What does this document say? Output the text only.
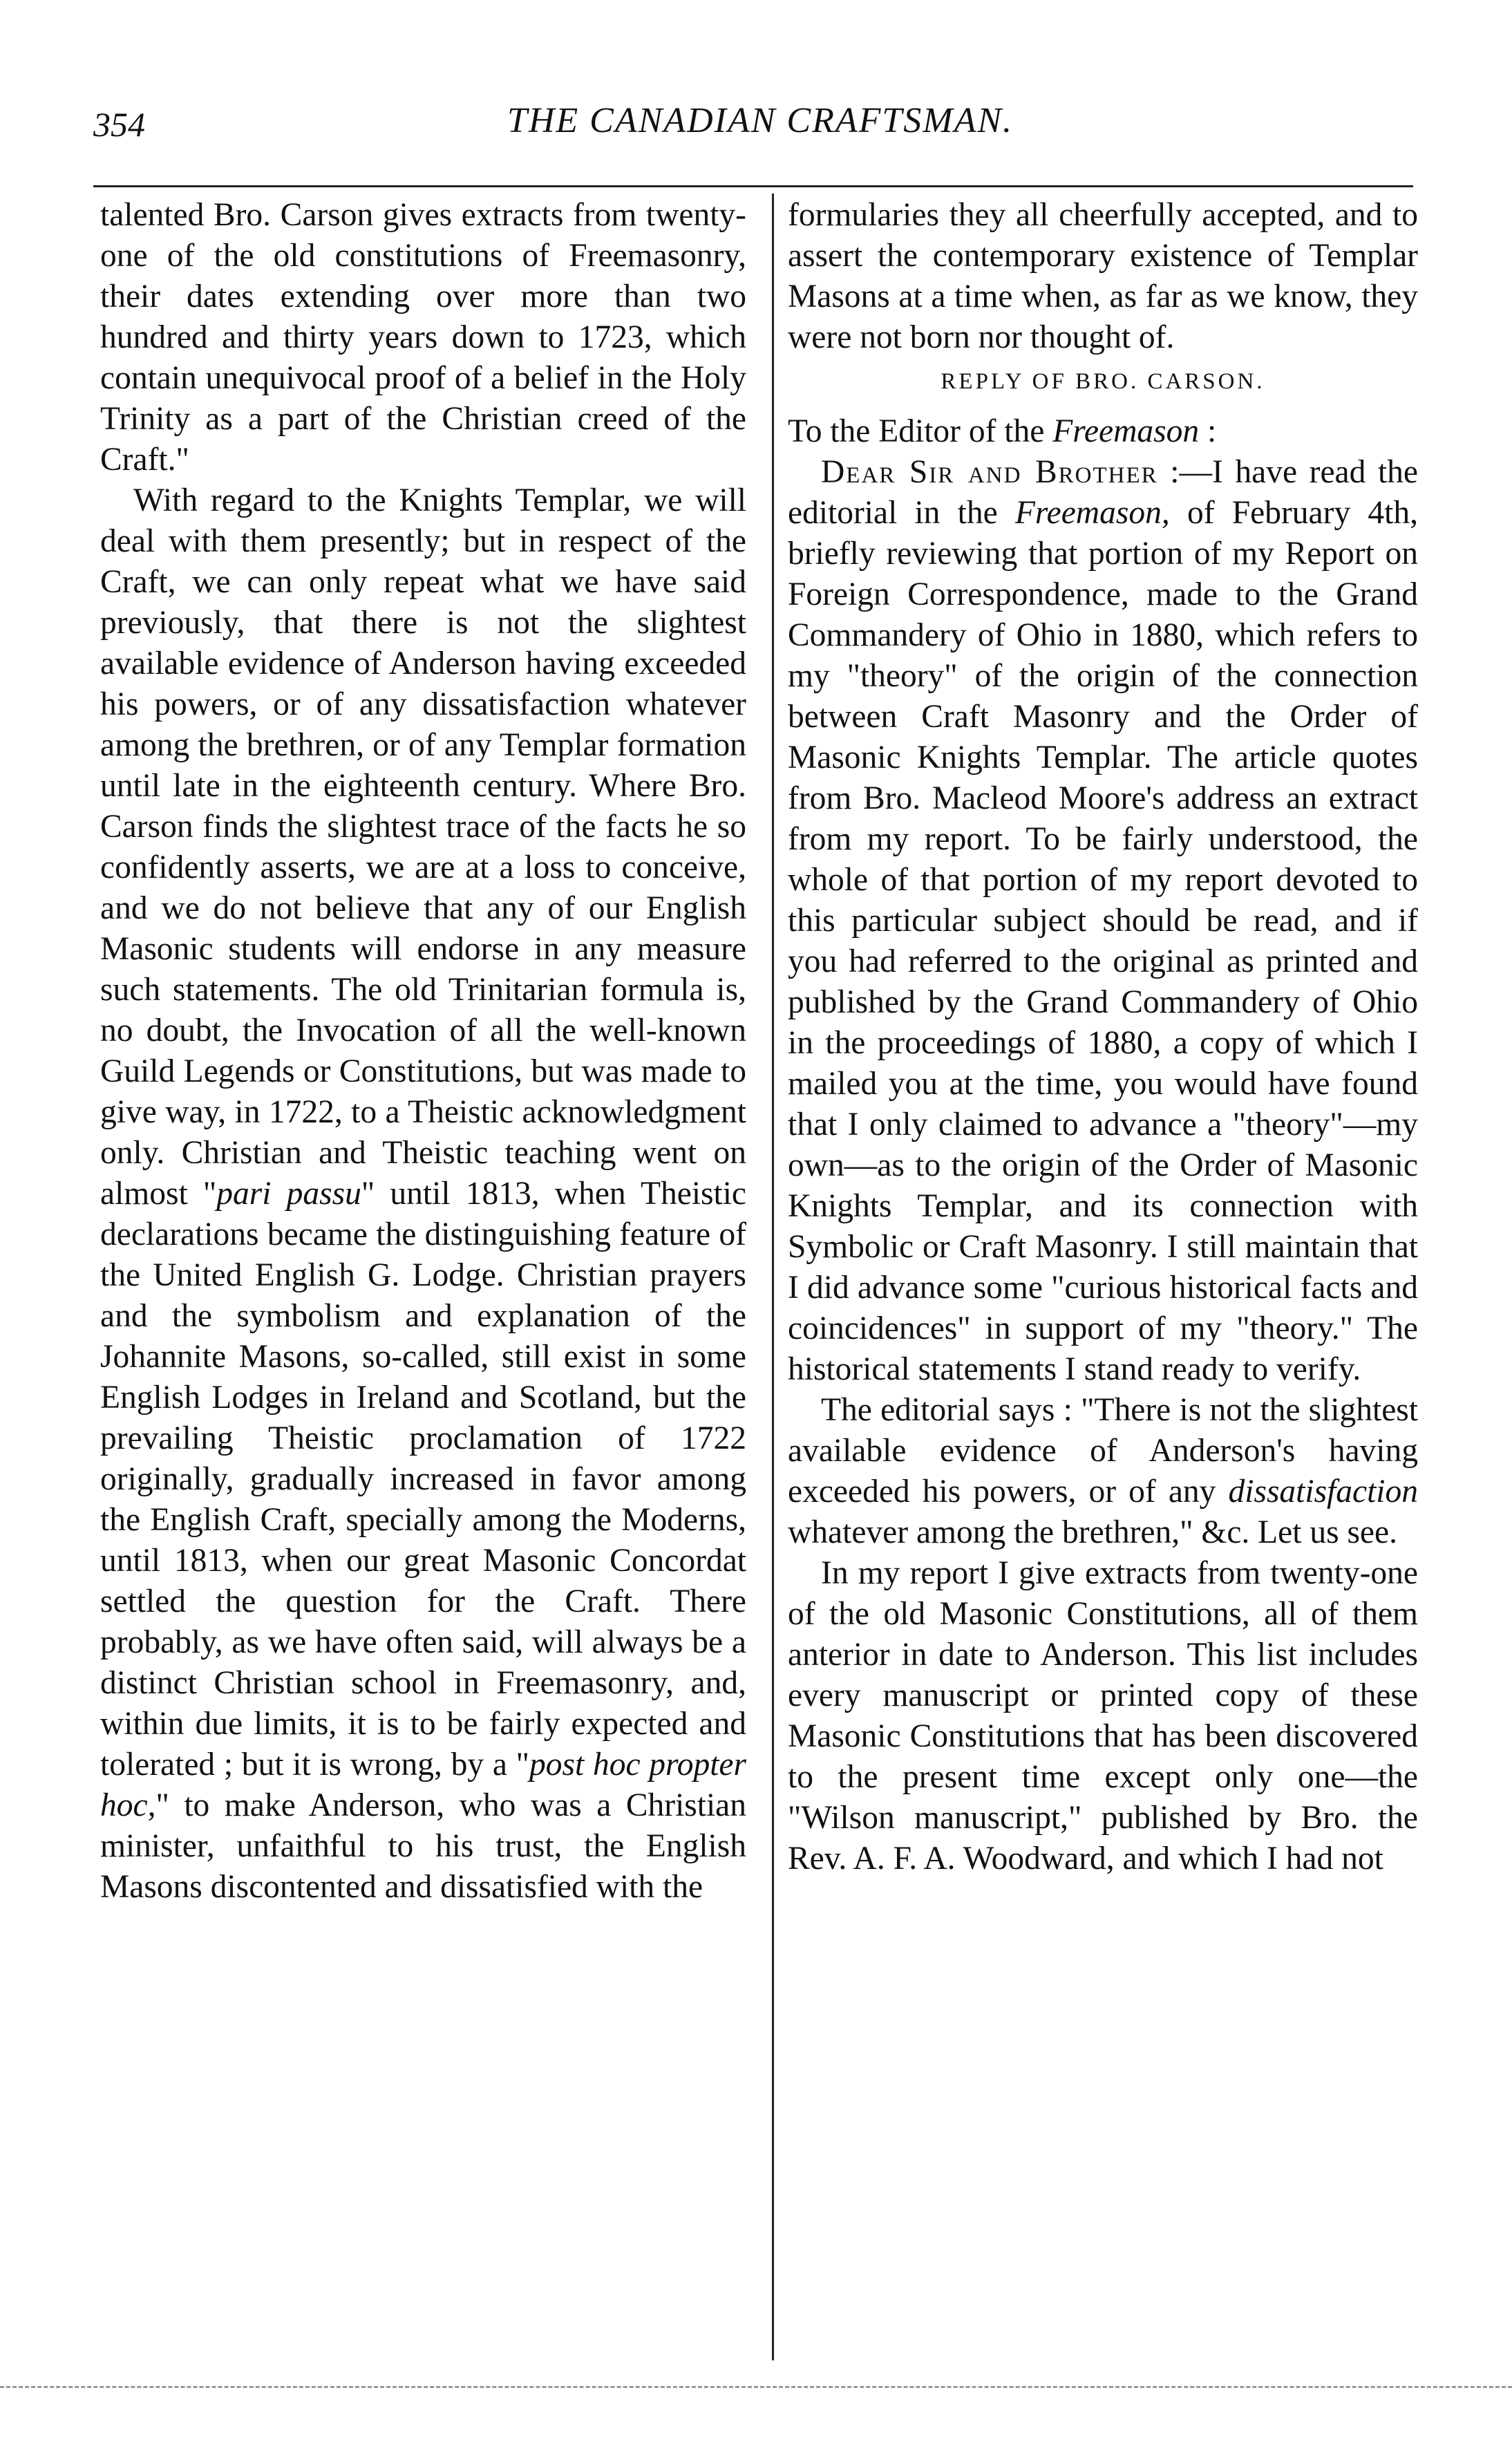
354	THE CANADIAN CRAFTSMAN.

talented Bro. Carson gives extracts from twenty-one of the old constitutions of Freemasonry, their dates extending over more than two hundred and thirty years down to 1723, which contain unequivocal proof of a belief in the Holy Trinity as a part of the Christian creed of the Craft."

With regard to the Knights Templar, we will deal with them presently; but in respect of the Craft, we can only repeat what we have said previously, that there is not the slightest available evidence of Anderson having exceeded his powers, or of any dissatisfaction whatever among the brethren, or of any Templar formation until late in the eighteenth century. Where Bro. Carson finds the slightest trace of the facts he so confidently asserts, we are at a loss to conceive, and we do not believe that any of our English Masonic students will endorse in any measure such statements. The old Trinitarian formula is, no doubt, the Invocation of all the well-known Guild Legends or Constitutions, but was made to give way, in 1722, to a Theistic acknowledgment only. Christian and Theistic teaching went on almost "pari passu" until 1813, when Theistic declarations became the distinguishing feature of the United English G. Lodge. Christian prayers and the symbolism and explanation of the Johannite Masons, so-called, still exist in some English Lodges in Ireland and Scotland, but the prevailing Theistic proclamation of 1722 originally, gradually increased in favor among the English Craft, specially among the Moderns, until 1813, when our great Masonic Concordat settled the question for the Craft. There probably, as we have often said, will always be a distinct Christian school in Freemasonry, and, within due limits, it is to be fairly expected and tolerated ; but it is wrong, by a "post hoc propter hoc," to make Anderson, who was a Christian minister, unfaithful to his trust, the English Masons discontented and dissatisfied with the

formularies they all cheerfully accepted, and to assert the contemporary existence of Templar Masons at a time when, as far as we know, they were not born nor thought of.

REPLY OF BRO. CARSON.

To the Editor of the Freemason :

Dear Sir and Brother :—I have read the editorial in the Freemason, of February 4th, briefly reviewing that portion of my Report on Foreign Correspondence, made to the Grand Commandery of Ohio in 1880, which refers to my "theory" of the origin of the connection between Craft Masonry and the Order of Masonic Knights Templar. The article quotes from Bro. Macleod Moore's address an extract from my report. To be fairly understood, the whole of that portion of my report devoted to this particular subject should be read, and if you had referred to the original as printed and published by the Grand Commandery of Ohio in the proceedings of 1880, a copy of which I mailed you at the time, you would have found that I only claimed to advance a "theory"—my own—as to the origin of the Order of Masonic Knights Templar, and its connection with Symbolic or Craft Masonry. I still maintain that I did advance some "curious historical facts and coincidences" in support of my "theory." The historical statements I stand ready to verify.

The editorial says : "There is not the slightest available evidence of Anderson's having exceeded his powers, or of any dissatisfaction whatever among the brethren," &c. Let us see.

In my report I give extracts from twenty-one of the old Masonic Constitutions, all of them anterior in date to Anderson. This list includes every manuscript or printed copy of these Masonic Constitutions that has been discovered to the present time except only one—the "Wilson manuscript," published by Bro. the Rev. A. F. A. Woodward, and which I had not
